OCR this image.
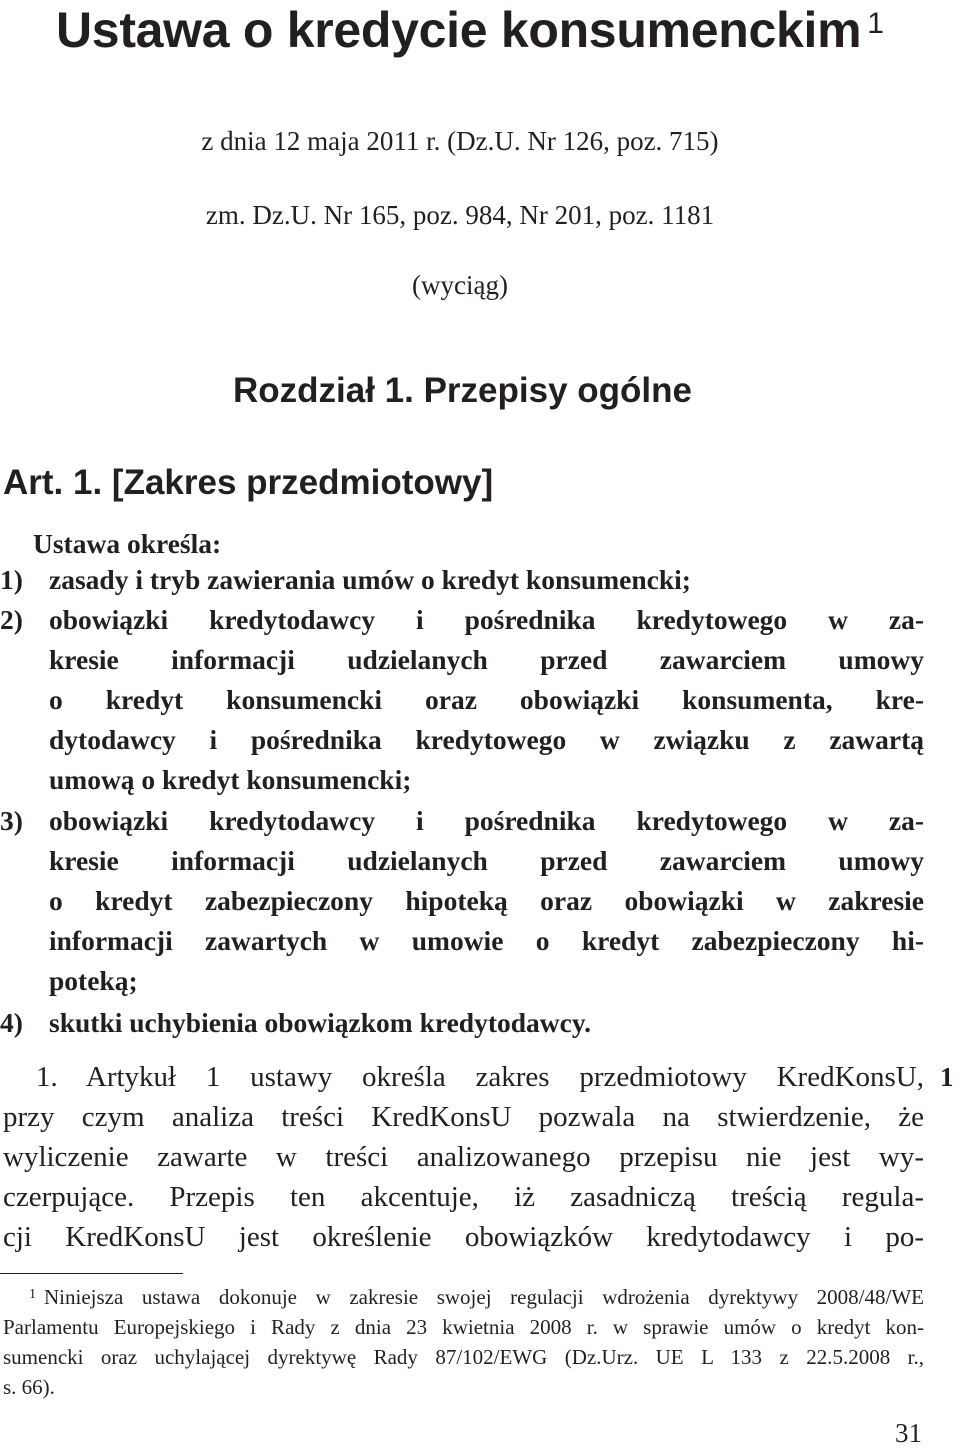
Ustawa o kredycie konsumenckim $^1$
z dnia 12 maja 2011 r. (Dz.U. Nr 126, poz. 715)
zm. Dz.U. Nr 165, poz. 984, Nr 201, poz. 1181
(wyciąg)
Rozdział 1. Przepisy ogólne
Art. 1. [Zakres przedmiotowy]
Ustawa określa:
1) zasady i tryb zawierania umów o kredyt konsumencki;
2) obowiązki kredytodawcy i pośrednika kredytowego w za-
kresie informacji udzielanych przed zawarciem umowy
o kredyt konsumencki oraz obowiązki konsumenta, kre-
dytodawcy i pośrednika kredytowego w związku z zawartą
umową o kredyt konsumencki;
3) obowiązki kredytodawcy i pośrednika kredytowego w za-
kresie informacji udzielanych przed zawarciem umowy
o kredyt zabezpieczony hipoteką oraz obowiązki w zakresie
informacji zawartych w umowie o kredyt zabezpieczony hi-
poteką;
4) skutki uchybienia obowiązkom kredytodawcy.
1. Artykuł 1 ustawy określa zakres przedmiotowy KredKonsU,
przy czym analiza treści KredKonsU pozwala na stwierdzenie, że
wyliczenie zawarte w treści analizowanego przepisu nie jest wy-
czerpujące. Przepis ten akcentuje, iż zasadniczą treścią regula-
cji KredKonsU jest określenie obowiązków kredytodawcy i po-
1
$^1$ Niniejsza ustawa dokonuje w zakresie swojej regulacji wdrożenia dyrektywy 2008/48/WE
Parlamentu Europejskiego i Rady z dnia 23 kwietnia 2008 r. w sprawie umów o kredyt kon-
sumencki oraz uchylającej dyrektywę Rady 87/102/EWG (Dz.Urz. UE L 133 z 22.5.2008 r.,
s. 66).
31
